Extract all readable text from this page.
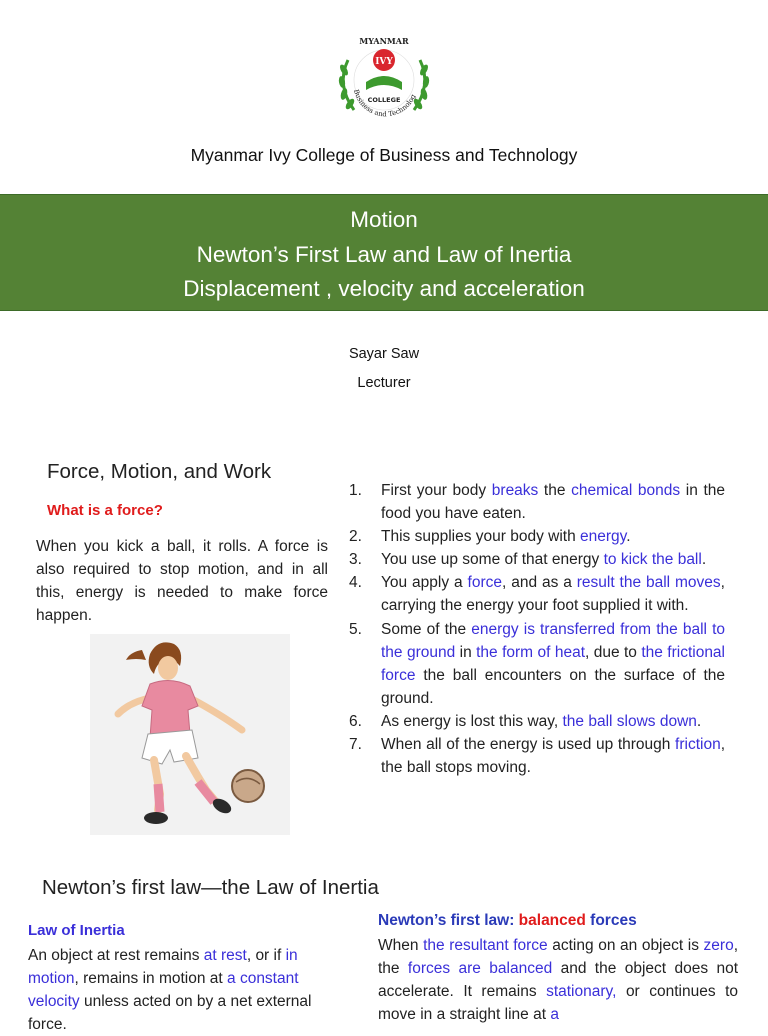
MYANMAR
IVY
COLLEGE
Business and Technolog
Myanmar Ivy College of Business and Technology
Motion
Newton’s First Law and Law of Inertia
Displacement , velocity and acceleration
Sayar Saw
Lecturer
Force, Motion, and Work
What is a force?
When you kick a ball, it rolls. A force is also required to stop motion, and in all this, energy is needed to make force happen.
1. First your body breaks the chemical bonds in the food you have eaten.
2. This supplies your body with energy.
3. You use up some of that energy to kick the ball.
4. You apply a force, and as a result the ball moves, carrying the energy your foot supplied it with.
5. Some of the energy is transferred from the ball to the ground in the form of heat, due to the frictional force the ball encounters on the surface of the ground.
6. As energy is lost this way, the ball slows down.
7. When all of the energy is used up through friction, the ball stops moving.
Newton’s first law—the Law of Inertia
Law of Inertia
An object at rest remains at rest, or if in motion, remains in motion at a constant velocity unless acted on by a net external force.
Newton’s first law: balanced forces
When the resultant force acting on an object is zero, the forces are balanced and the object does not accelerate. It remains stationary, or continues to move in a straight line at a
